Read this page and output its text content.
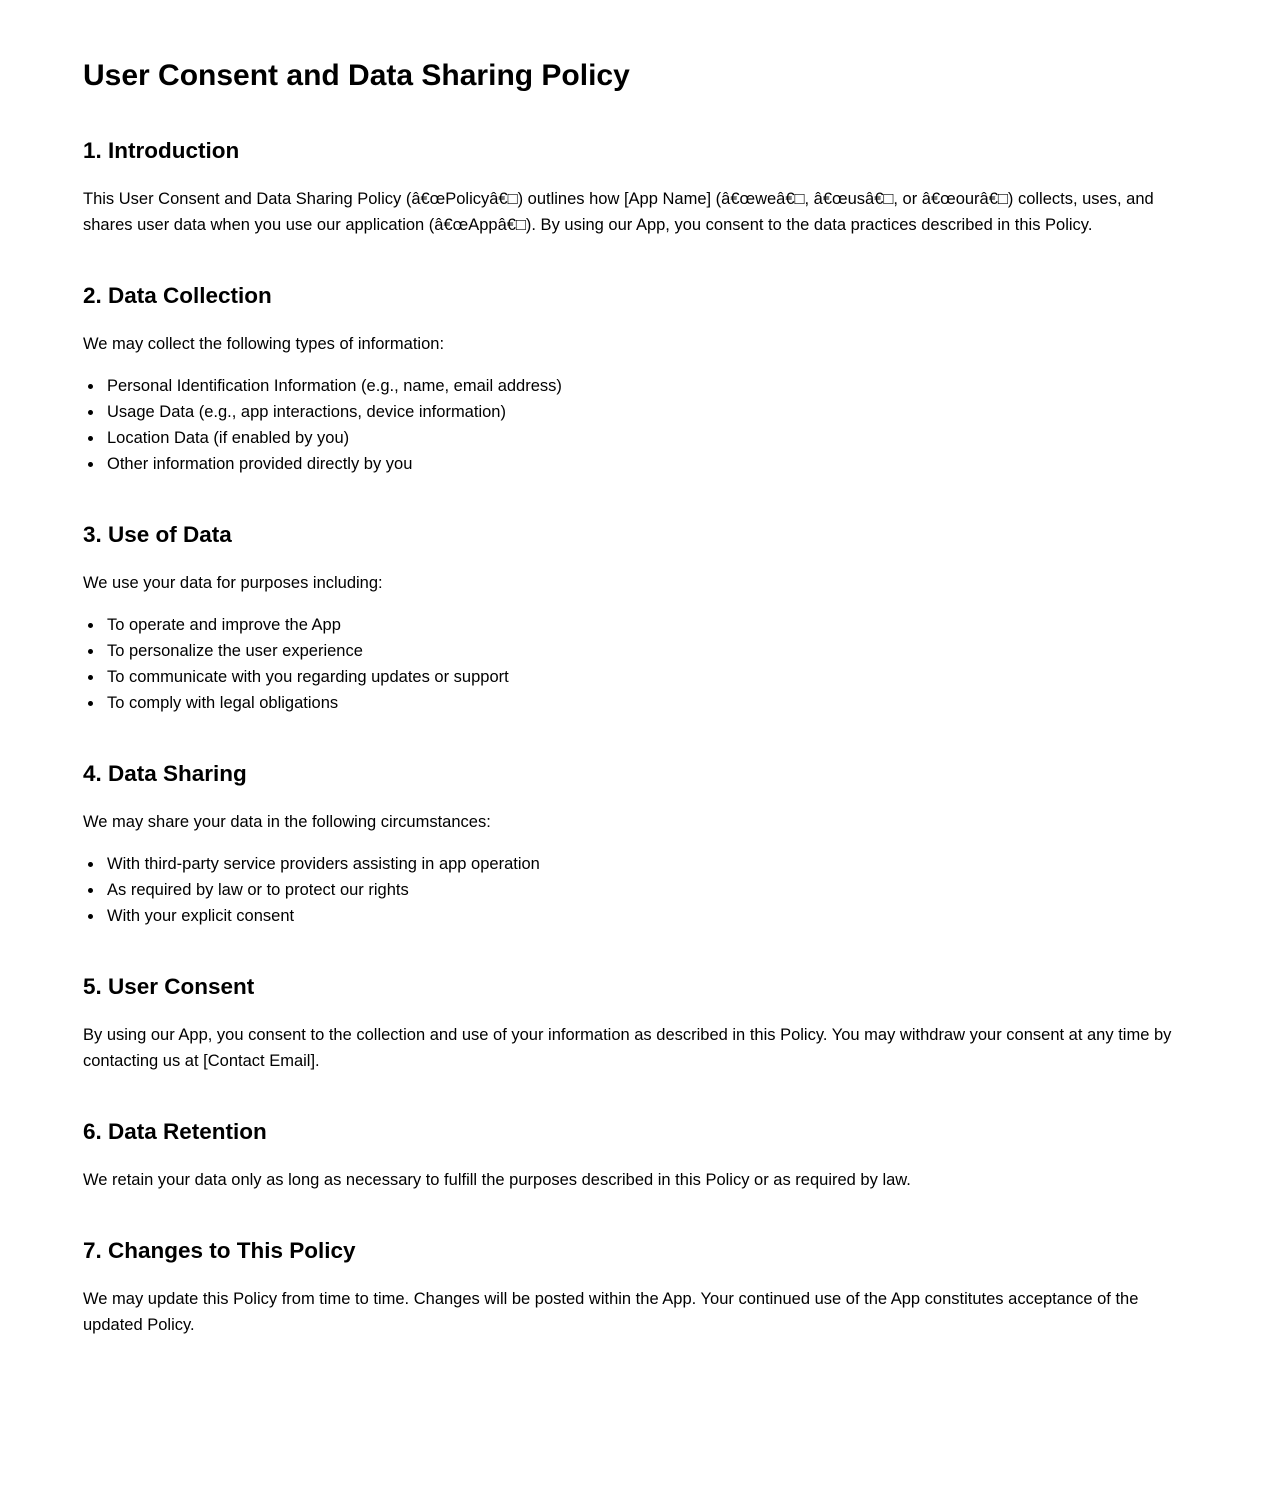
User Consent and Data Sharing Policy
1. Introduction

This User Consent and Data Sharing Policy (â€œPolicyâ€□) outlines how [App Name] (â€œweâ€□, â€œusâ€□, or â€œourâ€□) collects, uses, and shares user data when you use our application (â€œAppâ€□). By using our App, you consent to the data practices described in this Policy.

2. Data Collection

We may collect the following types of information:

• Personal Identification Information (e.g., name, email address)
• Usage Data (e.g., app interactions, device information)
• Location Data (if enabled by you)
• Other information provided directly by you
3. Use of Data

We use your data for purposes including:

• To operate and improve the App
• To personalize the user experience
• To communicate with you regarding updates or support
• To comply with legal obligations
4. Data Sharing

We may share your data in the following circumstances:

• With third-party service providers assisting in app operation
• As required by law or to protect our rights
• With your explicit consent
5. User Consent

By using our App, you consent to the collection and use of your information as described in this Policy. You may withdraw your consent at any time by contacting us at [Contact Email].

6. Data Retention

We retain your data only as long as necessary to fulfill the purposes described in this Policy or as required by law.

7. Changes to This Policy

We may update this Policy from time to time. Changes will be posted within the App. Your continued use of the App constitutes acceptance of the updated Policy.
